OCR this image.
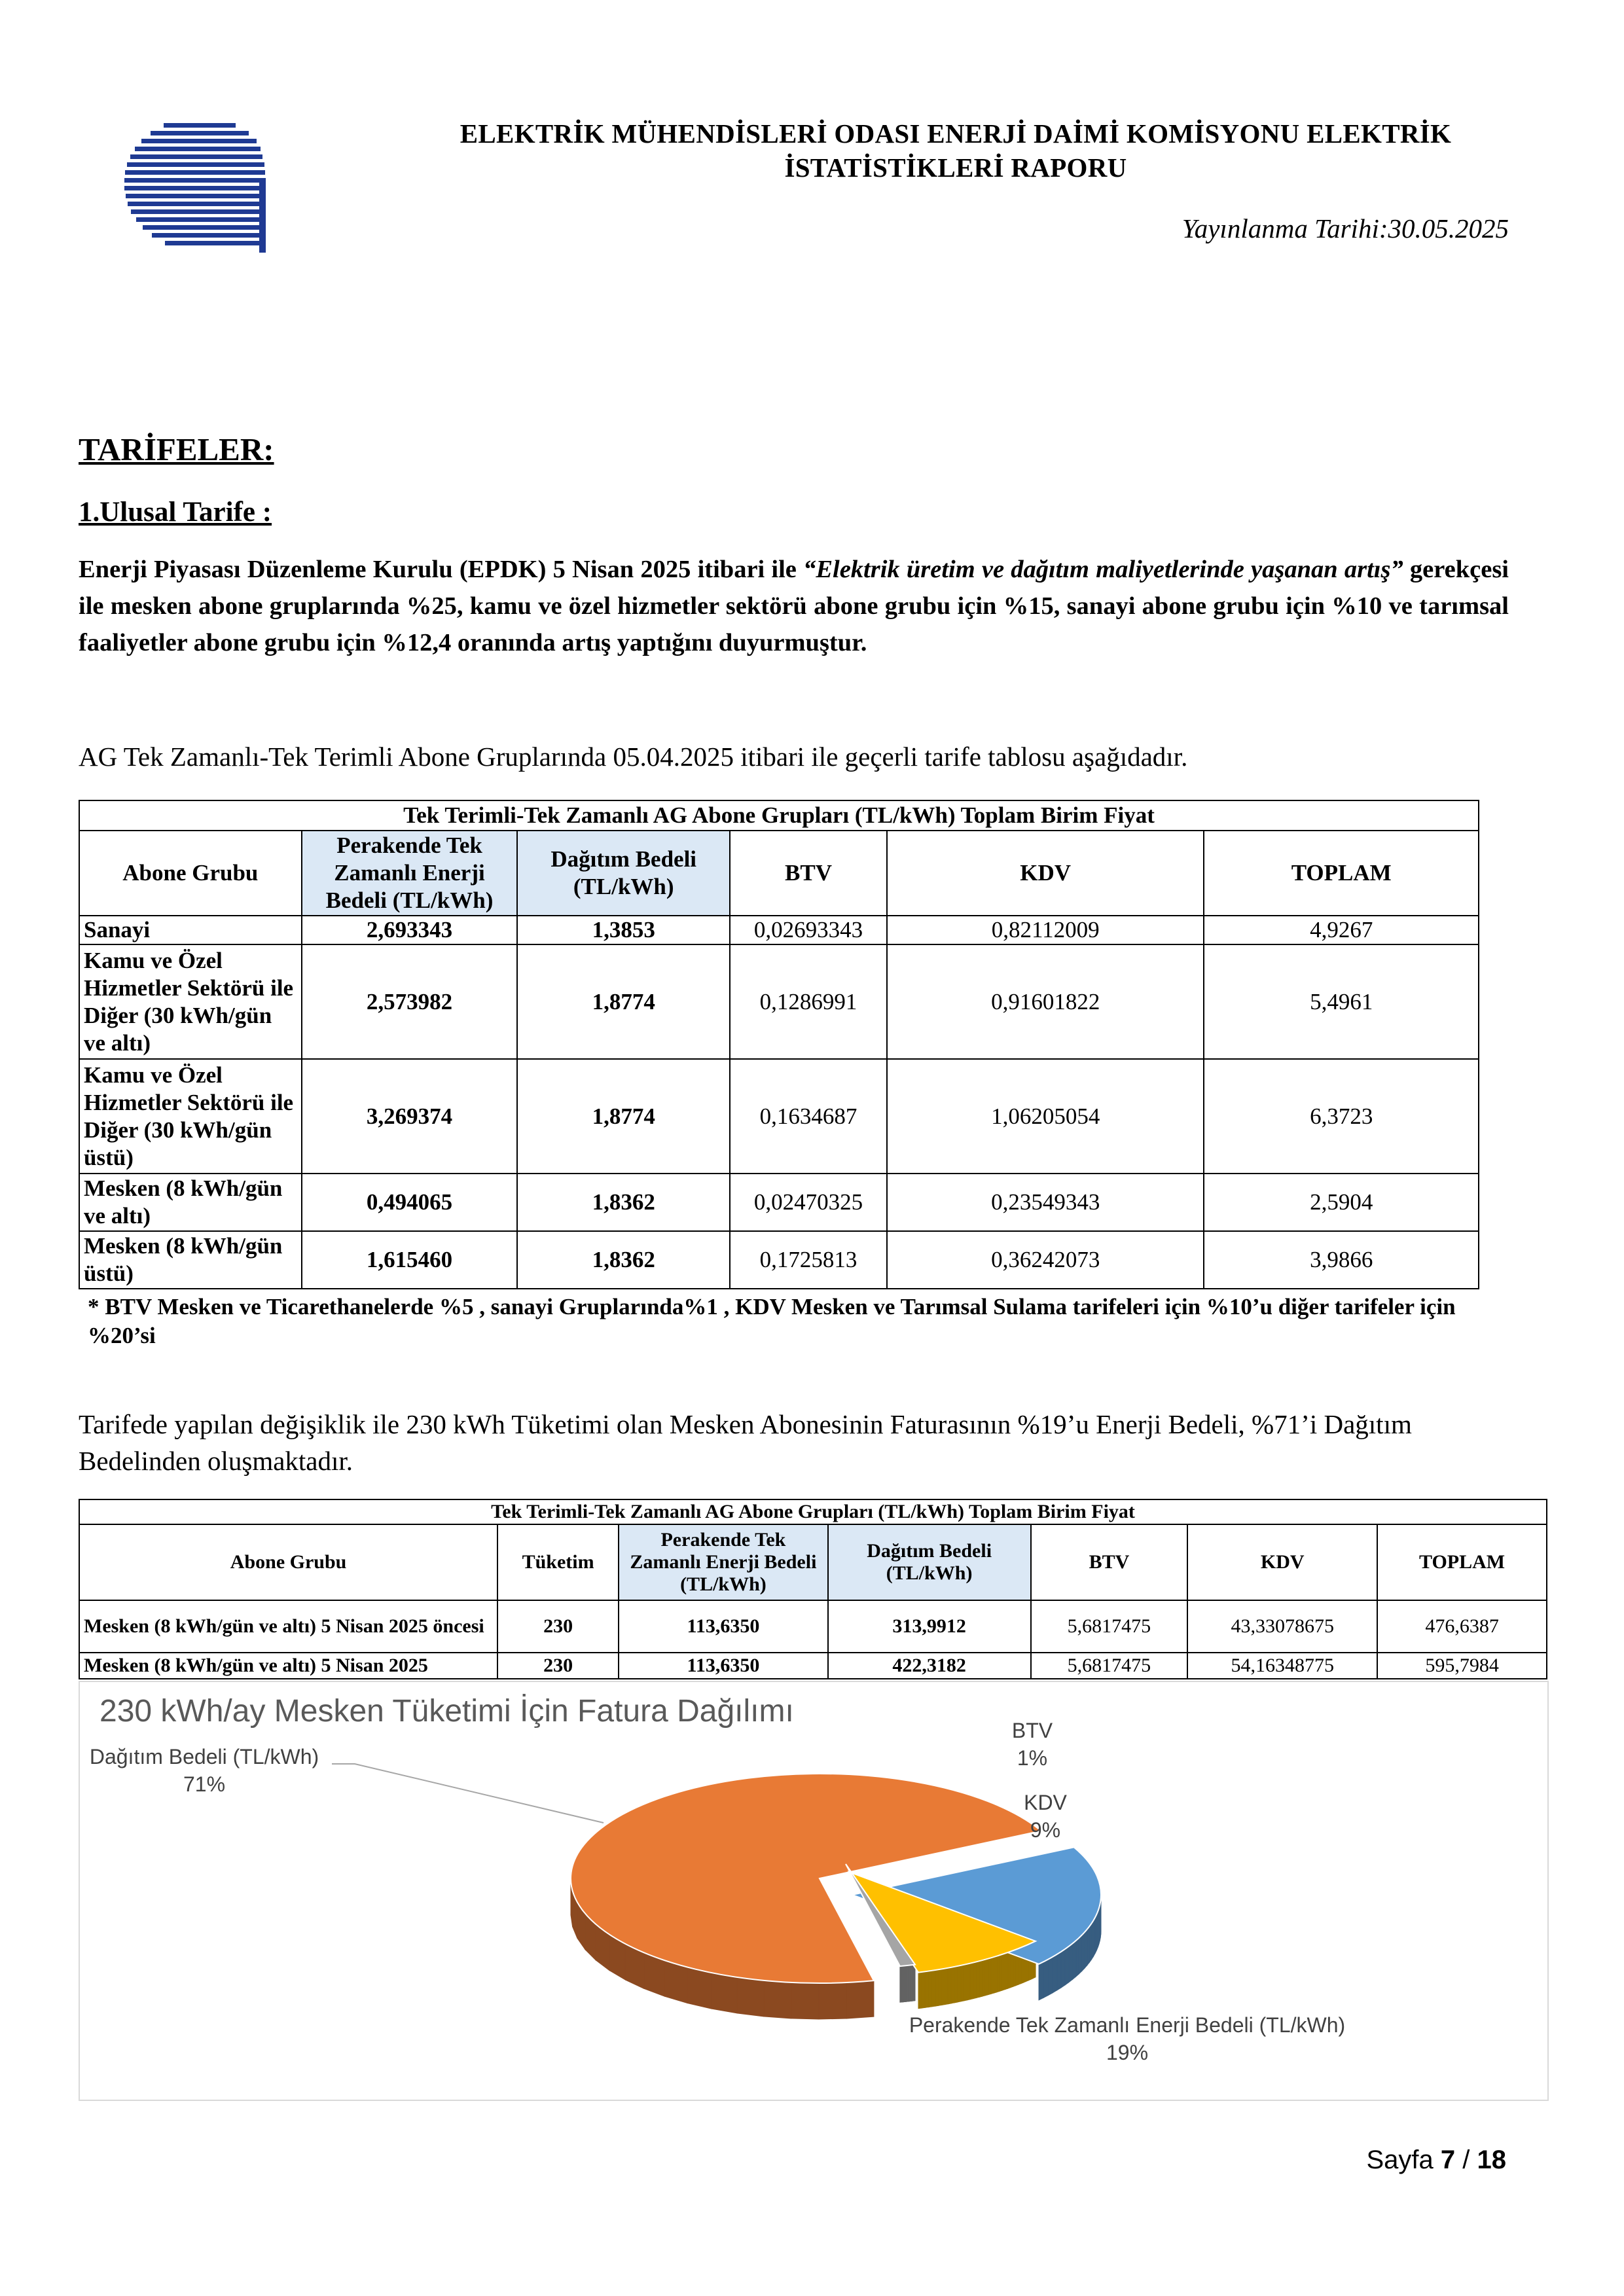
ELEKTRİK MÜHENDİSLERİ ODASI ENERJİ DAİMİ KOMİSYONU ELEKTRİK
İSTATİSTİKLERİ RAPORU
Yayınlanma Tarihi:30.05.2025
TARİFELER:
1.Ulusal Tarife :
Enerji Piyasası Düzenleme Kurulu (EPDK) 5 Nisan 2025 itibari ile “Elektrik üretim ve dağıtım maliyetlerinde yaşanan artış” gerekçesi ile mesken abone gruplarında %25, kamu ve özel hizmetler sektörü abone grubu için %15, sanayi abone grubu için %10 ve tarımsal faaliyetler abone grubu için %12,4 oranında artış yaptığını duyurmuştur.
AG Tek Zamanlı-Tek Terimli Abone Gruplarında 05.04.2025 itibari ile geçerli tarife tablosu aşağıdadır.
Tek Terimli-Tek Zamanlı AG Abone Grupları (TL/kWh) Toplam Birim Fiyat					
Abone Grubu	Perakende Tek Zamanlı Enerji Bedeli (TL/kWh)	Dağıtım Bedeli (TL/kWh)	BTV	KDV	TOPLAM
Sanayi	2,693343	1,3853	0,02693343	0,82112009	4,9267
Kamu ve Özel Hizmetler Sektörü ile Diğer (30 kWh/gün ve altı)	2,573982	1,8774	0,1286991	0,91601822	5,4961
Kamu ve Özel Hizmetler Sektörü ile Diğer (30 kWh/gün üstü)	3,269374	1,8774	0,1634687	1,06205054	6,3723
Mesken (8 kWh/gün ve altı)	0,494065	1,8362	0,02470325	0,23549343	2,5904
Mesken (8 kWh/gün üstü)	1,615460	1,8362	0,1725813	0,36242073	3,9866
* BTV Mesken ve Ticarethanelerde %5 , sanayi Gruplarında%1 , KDV Mesken ve Tarımsal Sulama tarifeleri için %10’u diğer tarifeler için %20’si
Tarifede yapılan değişiklik ile 230 kWh Tüketimi olan Mesken Abonesinin Faturasının %19’u Enerji Bedeli, %71’i Dağıtım Bedelinden oluşmaktadır.
Tek Terimli-Tek Zamanlı AG Abone Grupları (TL/kWh) Toplam Birim Fiyat						
Abone Grubu	Tüketim	Perakende Tek Zamanlı Enerji Bedeli (TL/kWh)	Dağıtım Bedeli (TL/kWh)	BTV	KDV	TOPLAM
Mesken (8 kWh/gün ve altı) 5 Nisan 2025 öncesi	230	113,6350	313,9912	5,6817475	43,33078675	476,6387
Mesken (8 kWh/gün ve altı) 5 Nisan 2025	230	113,6350	422,3182	5,6817475	54,16348775	595,7984
230 kWh/ay Mesken Tüketimi İçin Fatura Dağılımı
Dağıtım Bedeli (TL/kWh) 71%
Perakende Tek Zamanlı Enerji Bedeli (TL/kWh) 19%
KDV 9%
BTV 1%
Sayfa 7 / 18
